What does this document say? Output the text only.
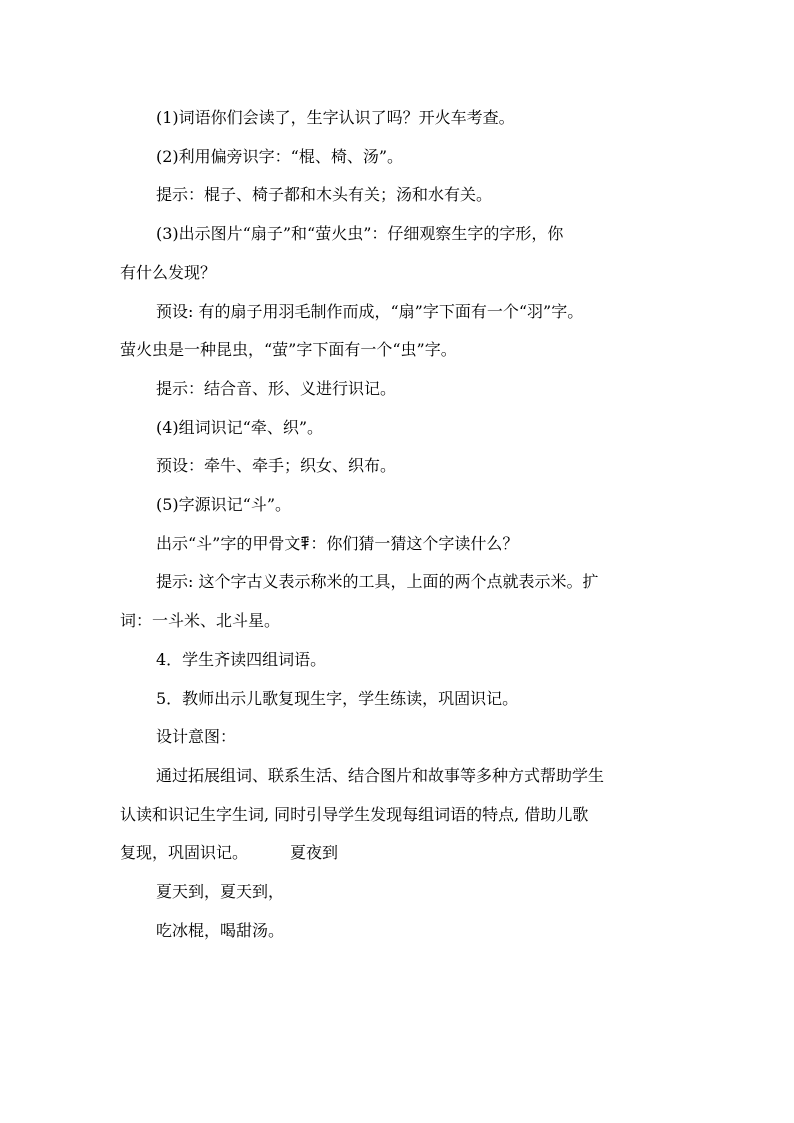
(1)词语你们会读了，生字认识了吗？开火车考查。

(2)利用偏旁识字：“棍、椅、汤”。

提示：棍子、椅子都和木头有关；汤和水有关。

(3)出示图片“扇子”和“萤火虫”：仔细观察生字的字形，你

有什么发现？

预设: 有的扇子用羽毛制作而成，“扇”字下面有一个“羽”字。

萤火虫是一种昆虫，“萤”字下面有一个“虫”字。

提示：结合音、形、义进行识记。

(4)组词识记“牵、织”。

预设：牵牛、牵手；织女、织布。

(5)字源识记“斗”。

出示“斗”字的甲骨文 ：你们猜一猜这个字读什么？

提示: 这个字古义表示称米的工具，上面的两个点就表示米。扩

词：一斗米、北斗星。

4．学生齐读四组词语。

5．教师出示儿歌复现生字，学生练读，巩固识记。

设计意图：

通过拓展组词、联系生活、结合图片和故事等多种方式帮助学生

认读和识记生字生词, 同时引导学生发现每组词语的特点, 借助儿歌

复现，巩固识记。	夏夜到

夏天到，夏天到，

吃冰棍，喝甜汤。
